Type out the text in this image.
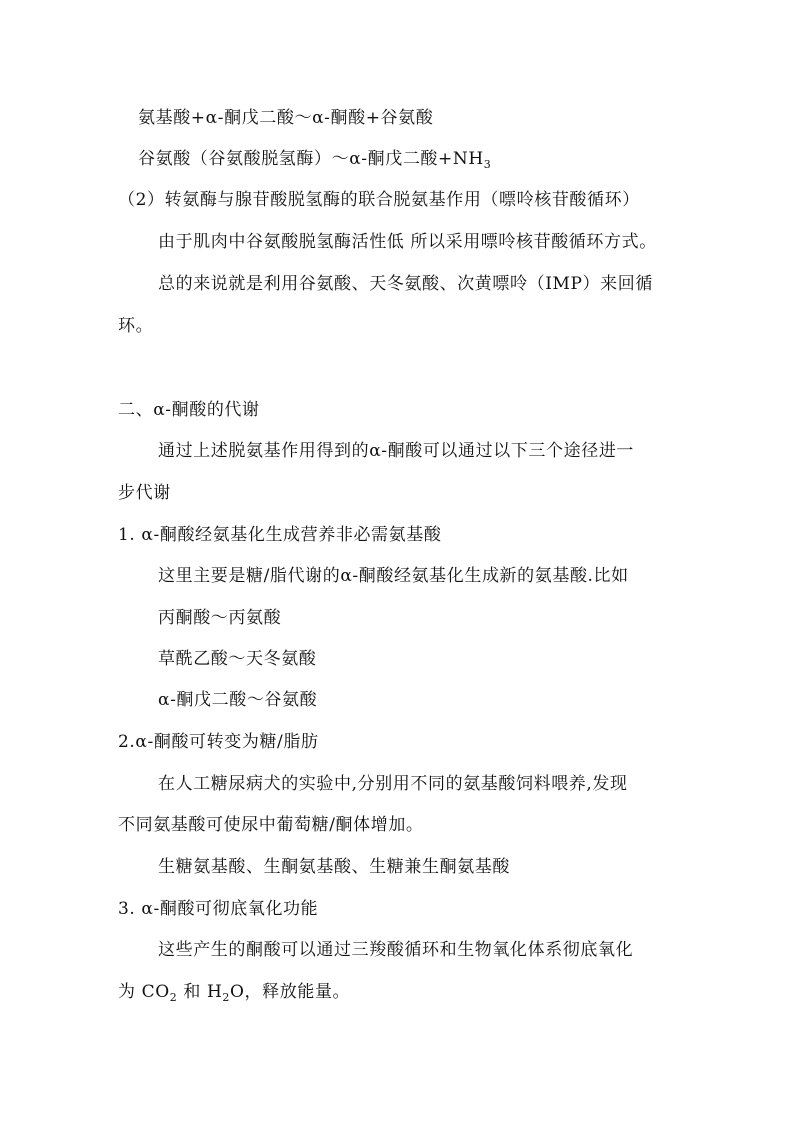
氨基酸+α-酮戊二酸～α-酮酸+谷氨酸
谷氨酸（谷氨酸脱氢酶）～α-酮戊二酸$+NH_3$
（2）转氨酶与腺苷酸脱氢酶的联合脱氨基作用（嘌呤核苷酸循环）
由于肌肉中谷氨酸脱氢酶活性低 所以采用嘌呤核苷酸循环方式。
总的来说就是利用谷氨酸、天冬氨酸、次黄嘌呤（IMP）来回循
环。
二、α-酮酸的代谢
通过上述脱氨基作用得到的α-酮酸可以通过以下三个途径进一
步代谢
1. α-酮酸经氨基化生成营养非必需氨基酸
这里主要是糖/脂代谢的α-酮酸经氨基化生成新的氨基酸.比如
丙酮酸～丙氨酸
草酰乙酸～天冬氨酸
α-酮戊二酸～谷氨酸
2.α-酮酸可转变为糖/脂肪
在人工糖尿病犬的实验中,分别用不同的氨基酸饲料喂养,发现
不同氨基酸可使尿中葡萄糖/酮体增加。
生糖氨基酸、生酮氨基酸、生糖兼生酮氨基酸
3. α-酮酸可彻底氧化功能
这些产生的酮酸可以通过三羧酸循环和生物氧化体系彻底氧化
为 $CO_2$ 和 $H_2O$，释放能量。
